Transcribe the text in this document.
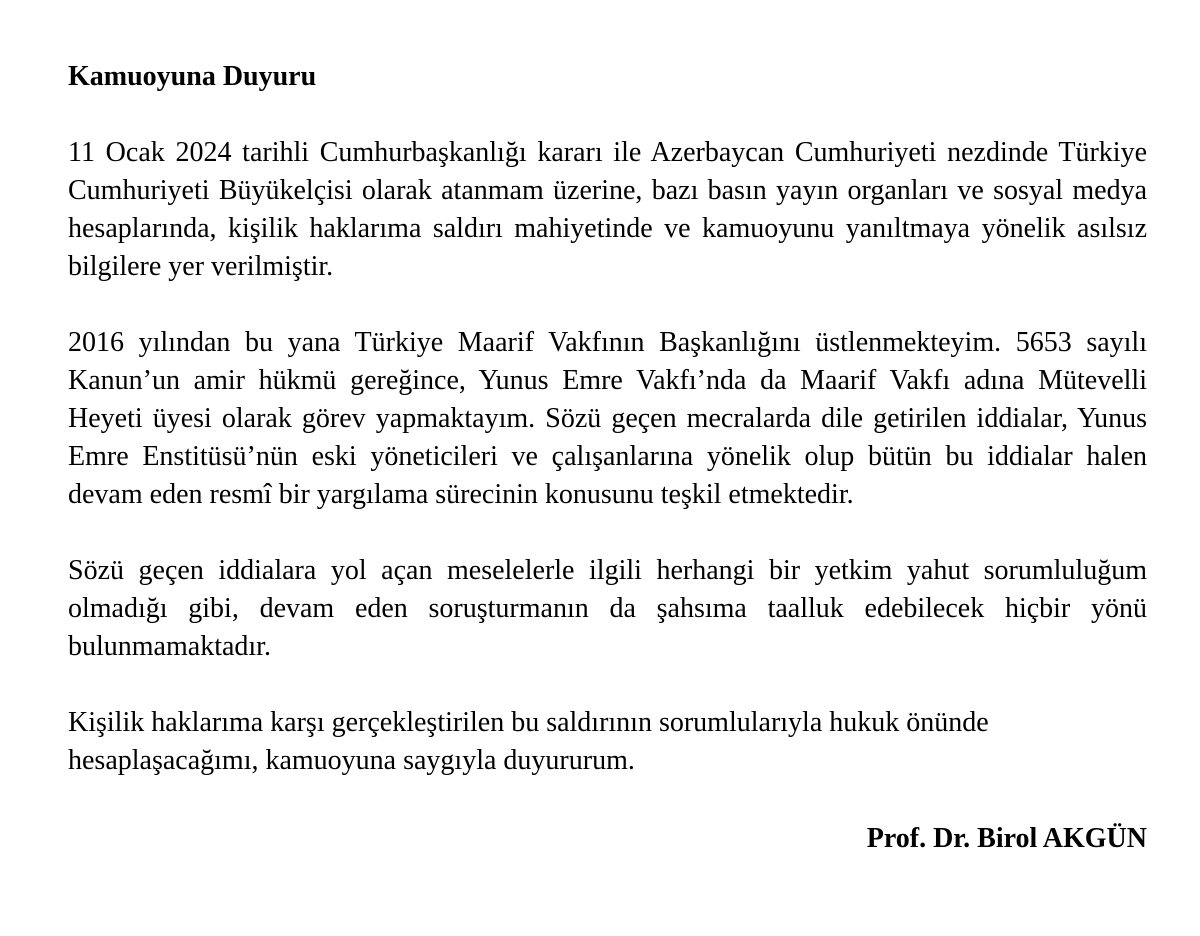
Kamuoyuna Duyuru

11 Ocak 2024 tarihli Cumhurbaşkanlığı kararı ile Azerbaycan Cumhuriyeti nezdinde Türkiye Cumhuriyeti Büyükelçisi olarak atanmam üzerine, bazı basın yayın organları ve sosyal medya hesaplarında, kişilik haklarıma saldırı mahiyetinde ve kamuoyunu yanıltmaya yönelik asılsız bilgilere yer verilmiştir.

2016 yılından bu yana Türkiye Maarif Vakfının Başkanlığını üstlenmekteyim. 5653 sayılı Kanun’un amir hükmü gereğince, Yunus Emre Vakfı’nda da Maarif Vakfı adına Mütevelli Heyeti üyesi olarak görev yapmaktayım. Sözü geçen mecralarda dile getirilen iddialar, Yunus Emre Enstitüsü’nün eski yöneticileri ve çalışanlarına yönelik olup bütün bu iddialar halen devam eden resmî bir yargılama sürecinin konusunu teşkil etmektedir.

Sözü geçen iddialara yol açan meselelerle ilgili herhangi bir yetkim yahut sorumluluğum olmadığı gibi, devam eden soruşturmanın da şahsıma taalluk edebilecek hiçbir yönü bulunmamaktadır.

Kişilik haklarıma karşı gerçekleştirilen bu saldırının sorumlularıyla hukuk önünde hesaplaşacağımı, kamuoyuna saygıyla duyururum.

Prof. Dr. Birol AKGÜN
